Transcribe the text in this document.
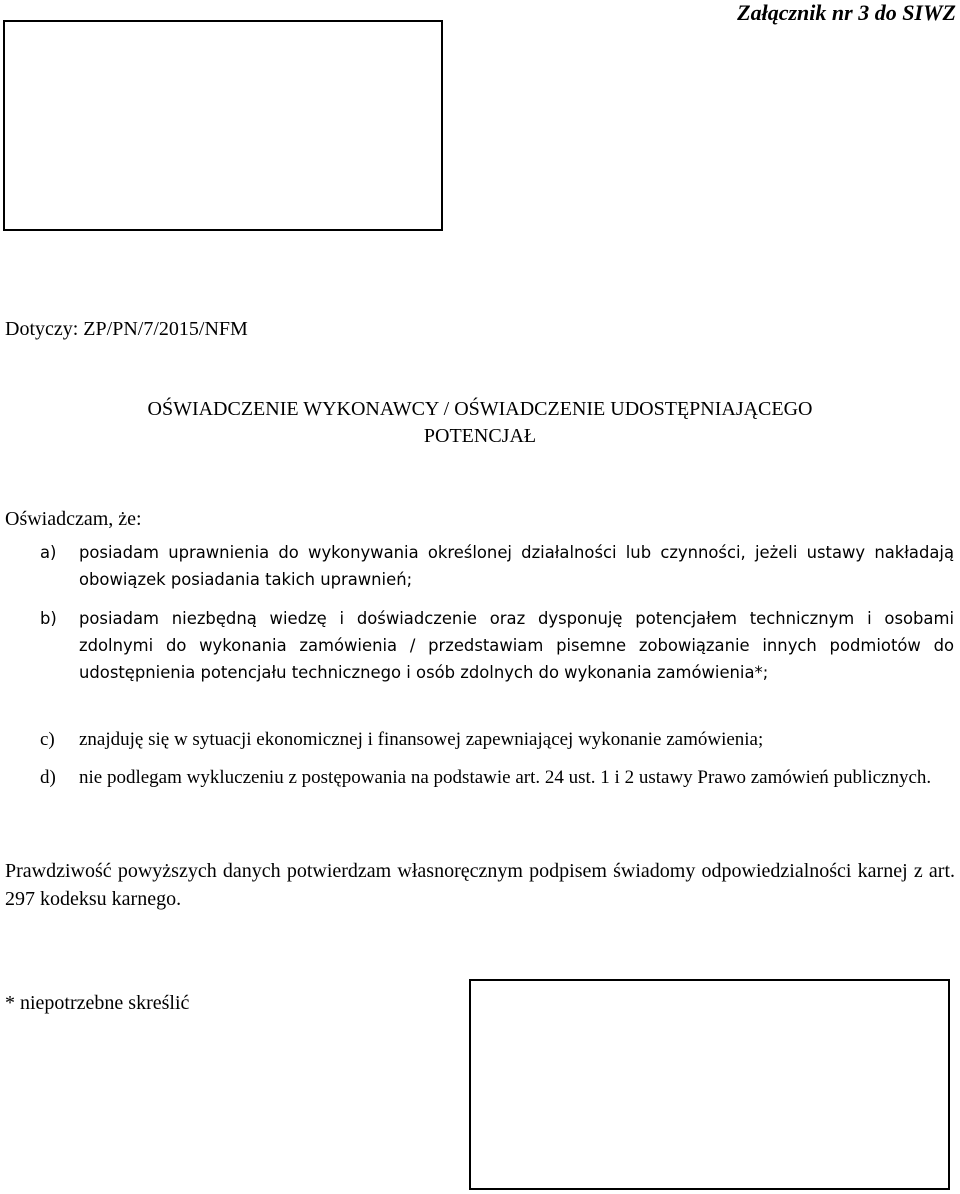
Załącznik nr 3 do SIWZ
Dotyczy: ZP/PN/7/2015/NFM
OŚWIADCZENIE WYKONAWCY / OŚWIADCZENIE UDOSTĘPNIAJĄCEGO
POTENCJAŁ
Oświadczam, że:
a) posiadam uprawnienia do wykonywania określonej działalności lub czynności, jeżeli ustawy nakładają obowiązek posiadania takich uprawnień;
b) posiadam niezbędną wiedzę i doświadczenie oraz dysponuję potencjałem technicznym i osobami zdolnymi do wykonania zamówienia / przedstawiam pisemne zobowiązanie innych podmiotów do udostępnienia potencjału technicznego i osób zdolnych do wykonania zamówienia*;
c) znajduję się w sytuacji ekonomicznej i finansowej zapewniającej wykonanie zamówienia;
d) nie podlegam wykluczeniu z postępowania na podstawie art. 24 ust. 1 i 2 ustawy Prawo zamówień publicznych.
Prawdziwość powyższych danych potwierdzam własnoręcznym podpisem świadomy odpowiedzialności karnej z art. 297 kodeksu karnego.
* niepotrzebne skreślić
